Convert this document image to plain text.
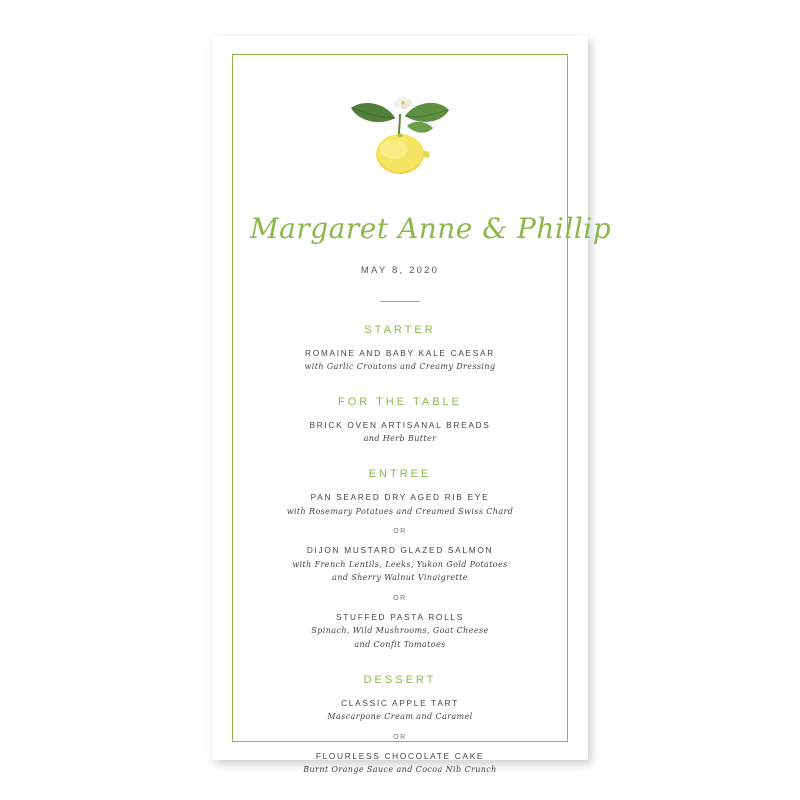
Margaret Anne & Phillip
MAY 8, 2020
STARTER
ROMAINE AND BABY KALE CAESAR
with Garlic Croutons and Creamy Dressing
FOR THE TABLE
BRICK OVEN ARTISANAL BREADS
and Herb Butter
ENTREE
PAN SEARED DRY AGED RIB EYE
with Rosemary Potatoes and Creamed Swiss Chard
OR
DIJON MUSTARD GLAZED SALMON
with French Lentils, Leeks, Yukon Gold Potatoes
and Sherry Walnut Vinaigrette
OR
STUFFED PASTA ROLLS
Spinach, Wild Mushrooms, Goat Cheese
and Confit Tomatoes
DESSERT
CLASSIC APPLE TART
Mascarpone Cream and Caramel
OR
FLOURLESS CHOCOLATE CAKE
Burnt Orange Sauce and Cocoa Nib Crunch
